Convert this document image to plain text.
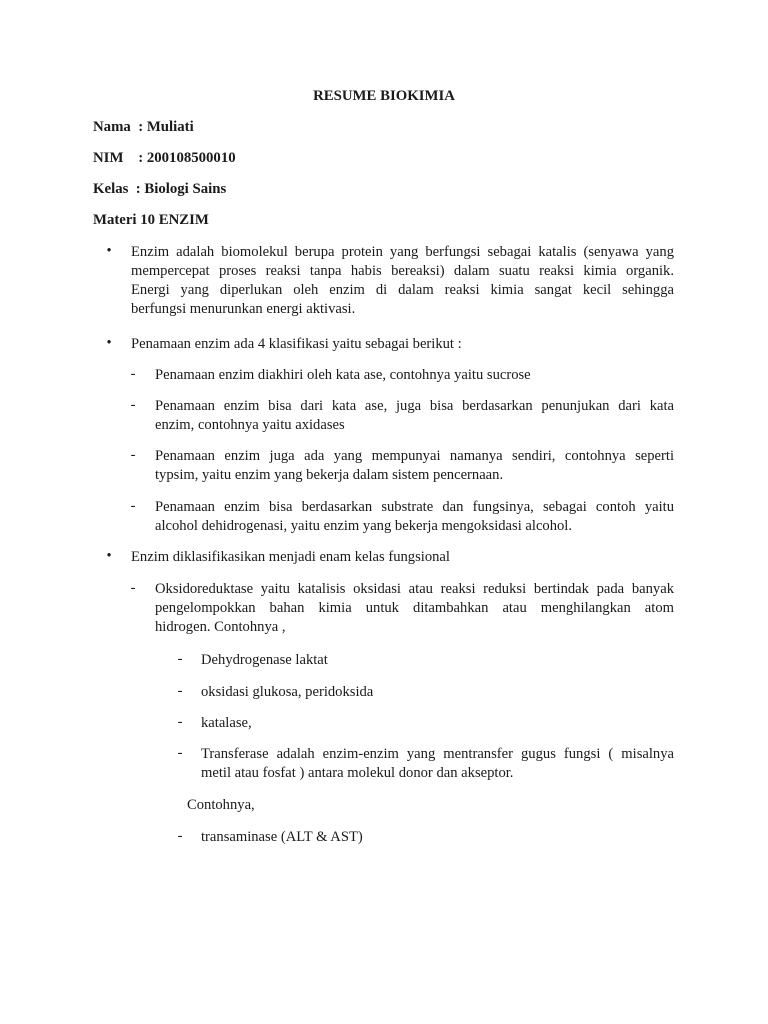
RESUME BIOKIMIA
Nama  : Muliati
NIM    : 200108500010
Kelas  : Biologi Sains
Materi 10 ENZIM
• Enzim adalah biomolekul berupa protein yang berfungsi sebagai katalis (senyawa yang
mempercepat proses reaksi tanpa habis bereaksi) dalam suatu reaksi kimia organik.
Energi yang diperlukan oleh enzim di dalam reaksi kimia sangat kecil sehingga
berfungsi menurunkan energi aktivasi.
• Penamaan enzim ada 4 klasifikasi yaitu sebagai berikut :
- Penamaan enzim diakhiri oleh kata ase, contohnya yaitu sucrose
- Penamaan enzim bisa dari kata ase, juga bisa berdasarkan penunjukan dari kata
enzim, contohnya yaitu axidases
- Penamaan enzim juga ada yang mempunyai namanya sendiri, contohnya seperti
typsim, yaitu enzim yang bekerja dalam sistem pencernaan.
- Penamaan enzim bisa berdasarkan substrate dan fungsinya, sebagai contoh yaitu
alcohol dehidrogenasi, yaitu enzim yang bekerja mengoksidasi alcohol.
• Enzim diklasifikasikan menjadi enam kelas fungsional
- Oksidoreduktase yaitu katalisis oksidasi atau reaksi reduksi bertindak pada banyak
pengelompokkan bahan kimia untuk ditambahkan atau menghilangkan atom
hidrogen. Contohnya ,
- Dehydrogenase laktat
- oksidasi glukosa, peridoksida
- katalase,
- Transferase adalah enzim-enzim yang mentransfer gugus fungsi ( misalnya
metil atau fosfat ) antara molekul donor dan akseptor.
Contohnya,
- transaminase (ALT & AST)
